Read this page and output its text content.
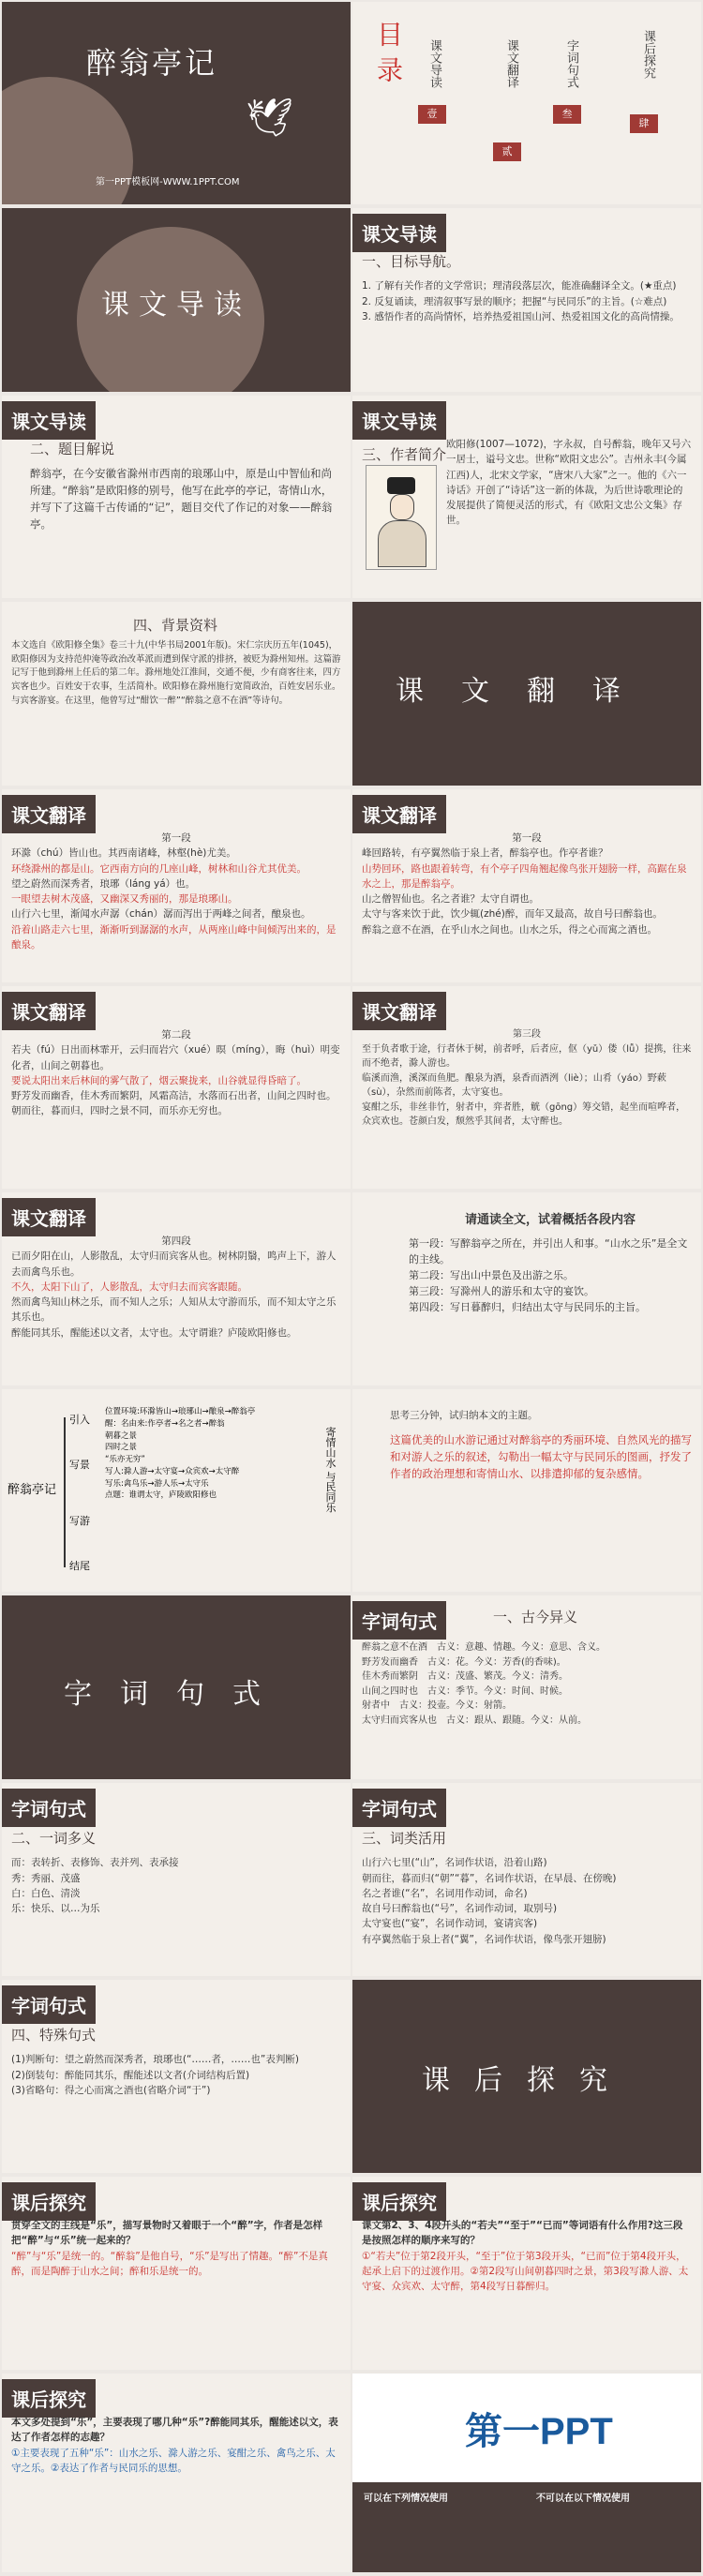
醉翁亭记
🕊
第一PPT模板网-WWW.1PPT.COM
目录 课文导读
壹
课文翻译
贰
字词句式
叁
课后探究
肆
课文导读
课文导读
一、目标导航。
1. 了解有关作者的文学常识；理清段落层次，能准确翻译全文。(★重点)
2. 反复诵读，理清叙事写景的顺序；把握“与民同乐”的主旨。(☆难点)
3. 感悟作者的高尚情怀，培养热爱祖国山河、热爱祖国文化的高尚情操。
课文导读
二、题目解说
醉翁亭，在今安徽省滁州市西南的琅琊山中，原是山中智仙和尚所建。“醉翁”是欧阳修的别号，他写在此亭的亭记，寄情山水，并写下了这篇千古传诵的“记”，题目交代了作记的对象——醉翁亭。
课文导读
三、作者简介
欧阳修(1007—1072)，字永叔，自号醉翁，晚年又号六一居士，谥号文忠。世称“欧阳文忠公”。吉州永丰(今属江西)人，北宋文学家，“唐宋八大家”之一。他的《六一诗话》开创了“诗话”这一新的体裁，为后世诗歌理论的发展提供了简便灵活的形式，有《欧阳文忠公文集》存世。
四、背景资料
本文选自《欧阳修全集》卷三十九(中华书局2001年版)。宋仁宗庆历五年(1045)，欧阳修因为支持范仲淹等政治改革派而遭到保守派的排挤，被贬为滁州知州。这篇游记写于他到滁州上任后的第二年。滁州地处江淮间，交通不便，少有商客往来，四方宾客也少。百姓安于农事，生活简朴。欧阳修在滁州施行宽简政治，百姓安居乐业。与宾客游宴。在这里，他曾写过“酣饮一醉”“醉翁之意不在酒”等诗句。	课文翻译
课文翻译
第一段
环滁（chú）皆山也。其西南诸峰，林壑(hè)尤美。
环绕滁州的都是山。它西南方向的几座山峰，树林和山谷尤其优美。
望之蔚然而深秀者，琅琊（láng yá）也。
一眼望去树木茂盛，又幽深又秀丽的，那是琅琊山。
山行六七里，渐闻水声潺（chán）潺而泻出于两峰之间者，酿泉也。
沿着山路走六七里，渐渐听到潺潺的水声，从两座山峰中间倾泻出来的，是酿泉。
课文翻译
第一段
峰回路转，有亭翼然临于泉上者，醉翁亭也。作亭者谁？
山势回环，路也跟着转弯，有个亭子四角翘起像鸟张开翅膀一样，高踞在泉水之上，那是醉翁亭。
山之僧智仙也。名之者谁？太守自谓也。
太守与客来饮于此，饮少辄(zhé)醉，而年又最高，故自号曰醉翁也。
醉翁之意不在酒，在乎山水之间也。山水之乐，得之心而寓之酒也。
课文翻译
第二段
若夫（fú）日出而林霏开，云归而岩穴（xué）暝（míng），晦（huì）明变化者，山间之朝暮也。
要说太阳出来后林间的雾气散了，烟云聚拢来，山谷就显得昏暗了。
野芳发而幽香，佳木秀而繁阴，风霜高洁，水落而石出者，山间之四时也。
朝而往，暮而归，四时之景不同，而乐亦无穷也。
课文翻译
第三段
至于负者歌于途，行者休于树，前者呼，后者应，伛（yǔ）偻（lǚ）提携，往来而不绝者，滁人游也。
临溪而渔，溪深而鱼肥。酿泉为酒，泉香而酒洌（liè）；山肴（yáo）野蔌（sù），杂然而前陈者，太守宴也。
宴酣之乐，非丝非竹，射者中，弈者胜，觥（gōng）筹交错，起坐而喧哗者，众宾欢也。苍颜白发，颓然乎其间者，太守醉也。
课文翻译
第四段
已而夕阳在山，人影散乱，太守归而宾客从也。树林阴翳，鸣声上下，游人去而禽鸟乐也。
不久，太阳下山了，人影散乱，太守归去而宾客跟随。
然而禽鸟知山林之乐，而不知人之乐；人知从太守游而乐，而不知太守之乐其乐也。
醉能同其乐，醒能述以文者，太守也。太守谓谁？庐陵欧阳修也。
请通读全文，试着概括各段内容
第一段：写醉翁亭之所在，并引出人和事。“山水之乐”是全文的主线。
第二段：写出山中景色及出游之乐。
第三段：写滁州人的游乐和太守的宴饮。
第四段：写日暮醉归，归结出太守与民同乐的主旨。
醉翁亭记
引入
写景
写游
结尾
位置环境:环滁皆山→琅琊山→酿泉→醉翁亭
醒：名由来:作亭者→名之者→醉翁
朝暮之景
四时之景
“乐亦无穷”
写人:滁人游→太守宴→众宾欢→太守醉
写乐:禽鸟乐→游人乐→太守乐
点题：谁谓太守，庐陵欧阳修也	寄情山水 与民同乐
思考三分钟，试归纳本文的主题。
这篇优美的山水游记通过对醉翁亭的秀丽环境、自然风光的描写和对游人之乐的叙述，勾勒出一幅太守与民同乐的图画，抒发了作者的政治理想和寄情山水、以排遣抑郁的复杂感情。
字词句式
字词句式	一、古今异义
醉翁之意不在酒　古义：意趣、情趣。今义：意思、含义。
野芳发而幽香　古义：花。今义：芳香(的香味)。
佳木秀而繁阴　古义：茂盛、繁茂。今义：清秀。
山间之四时也　古义：季节。今义：时间、时候。
射者中　古义：投壶。今义：射箭。
太守归而宾客从也　古义：跟从、跟随。今义：从前。
字词句式
二、一词多义
而：表转折、表修饰、表并列、表承接
秀：秀丽、茂盛
白：白色、清淡
乐：快乐、以…为乐
字词句式
三、词类活用
山行六七里(“山”，名词作状语，沿着山路)
朝而往，暮而归(“朝”“暮”，名词作状语，在早晨、在傍晚)
名之者谁(“名”，名词用作动词，命名)
故自号曰醉翁也(“号”，名词作动词，取别号)
太守宴也(“宴”，名词作动词，宴请宾客)
有亭翼然临于泉上者(“翼”，名词作状语，像鸟张开翅膀)
字词句式
四、特殊句式
(1)判断句：望之蔚然而深秀者，琅琊也(“……者，……也”表判断)
(2)倒装句：醉能同其乐，醒能述以文者(介词结构后置)
(3)省略句：得之心而寓之酒也(省略介词“于”)	课后探究
课后探究
贯穿全文的主线是“乐”，描写景物时又着眼于一个“醉”字，作者是怎样把“醉”与“乐”统一起来的？
“醉”与“乐”是统一的。“醉翁”是他自号，“乐”是写出了情趣。“醉”不是真醉，而是陶醉于山水之间；醉和乐是统一的。
课后探究
课文第2、3、4段开头的“若夫”“至于”“已而”等词语有什么作用?这三段是按照怎样的顺序来写的？
①“若夫”位于第2段开头，“至于”位于第3段开头，“已而”位于第4段开头，起承上启下的过渡作用。②第2段写山间朝暮四时之景，第3段写滁人游、太守宴、众宾欢、太守醉，第4段写日暮醉归。
课后探究
本文多处提到“乐”，主要表现了哪几种“乐”?醉能同其乐，醒能述以文，表达了作者怎样的志趣？
①主要表现了五种“乐”：山水之乐、滁人游之乐、宴酣之乐、禽鸟之乐、太守之乐。②表达了作者与民同乐的思想。
第一PPT
可以在下列情况使用	不可以在以下情况使用
